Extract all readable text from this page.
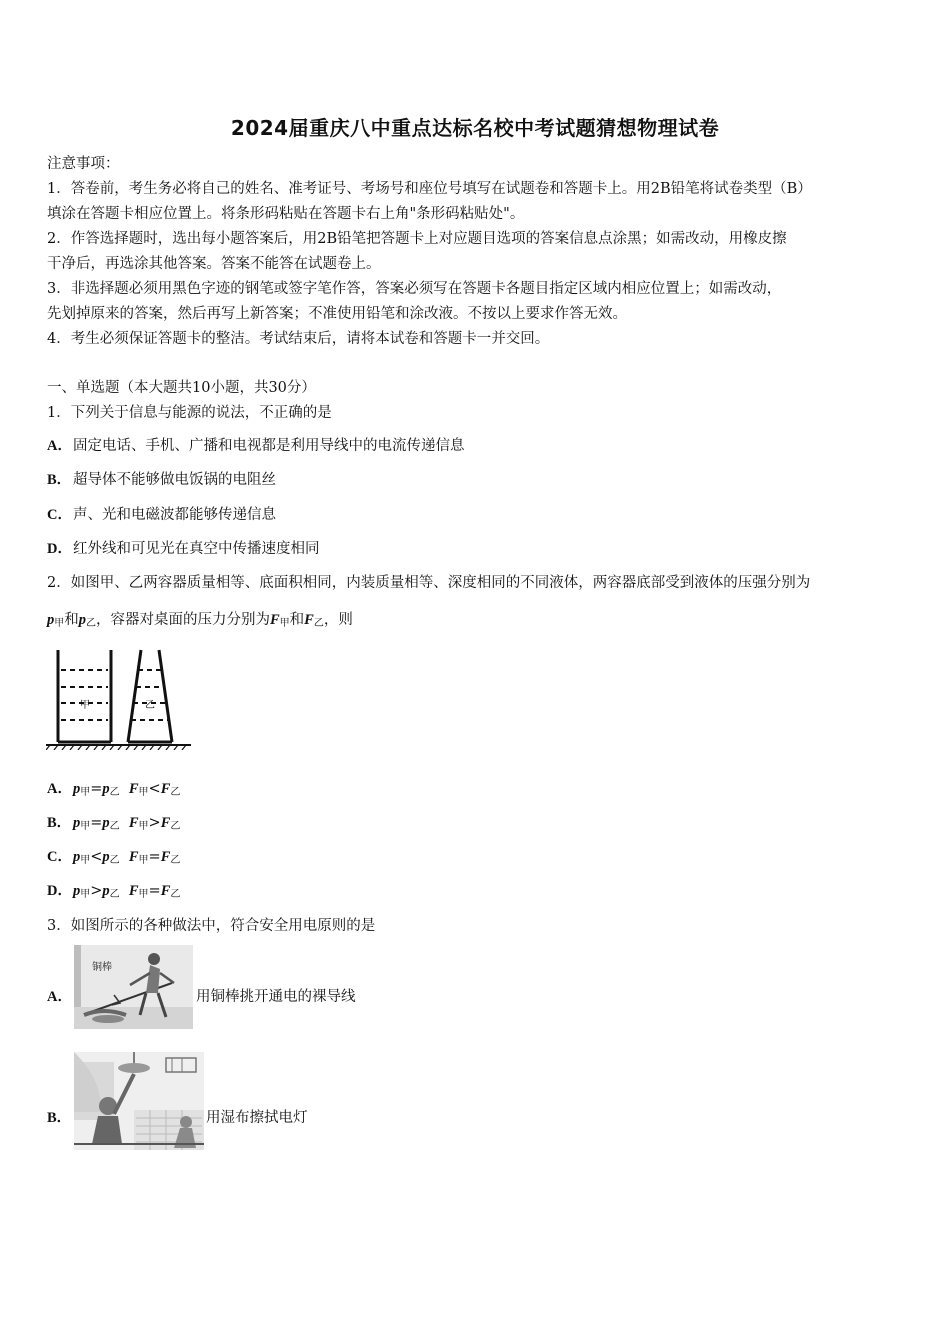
2024届重庆八中重点达标名校中考试题猜想物理试卷
注意事项：
1．答卷前，考生务必将自己的姓名、准考证号、考场号和座位号填写在试题卷和答题卡上。用2B铅笔将试卷类型（B）
填涂在答题卡相应位置上。将条形码粘贴在答题卡右上角"条形码粘贴处"。
2．作答选择题时，选出每小题答案后，用2B铅笔把答题卡上对应题目选项的答案信息点涂黑；如需改动，用橡皮擦
干净后，再选涂其他答案。答案不能答在试题卷上。
3．非选择题必须用黑色字迹的钢笔或签字笔作答，答案必须写在答题卡各题目指定区域内相应位置上；如需改动，
先划掉原来的答案，然后再写上新答案；不准使用铅笔和涂改液。不按以上要求作答无效。
4．考生必须保证答题卡的整洁。考试结束后，请将本试卷和答题卡一并交回。
一、单选题（本大题共10小题，共30分）
1．下列关于信息与能源的说法，不正确的是
A．固定电话、手机、广播和电视都是利用导线中的电流传递信息
B． 超导体不能够做电饭锅的电阻丝
C．声、光和电磁波都能够传递信息
D．红外线和可见光在真空中传播速度相同
2．如图甲、乙两容器质量相等、底面积相同，内装质量相等、深度相同的不同液体，两容器底部受到液体的压强分别为
$p_甲$和$p_乙$，容器对桌面的压力分别为$F_甲$和$F_乙$，则
甲	乙
A．$p_甲=p_乙$ $F_甲<F_乙$
B． $p_甲=p_乙$ $F_甲>F_乙$
C．$p_甲<p_乙$ $F_甲=F_乙$
D．$p_甲>p_乙$ $F_甲=F_乙$
3．如图所示的各种做法中，符合安全用电原则的是
A．
铜棒
用铜棒挑开通电的裸导线
B．	用湿布擦拭电灯
